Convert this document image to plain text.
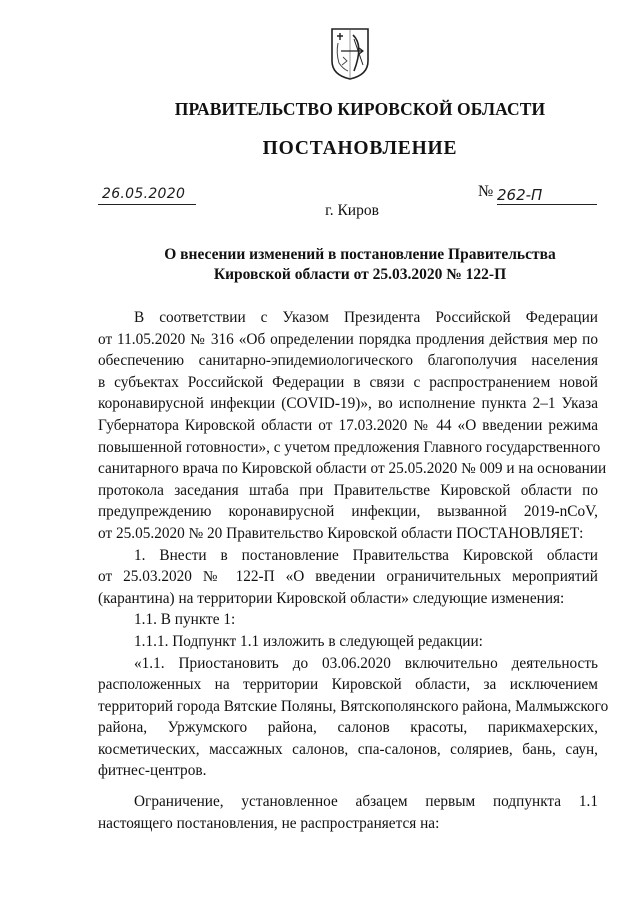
ПРАВИТЕЛЬСТВО КИРОВСКОЙ ОБЛАСТИ
ПОСТАНОВЛЕНИЕ
26.05.2020	№ 262-П
г. Киров
О внесении изменений в постановление Правительства
Кировской области от 25.03.2020 № 122-П

В соответствии с Указом Президента Российской Федерации
от 11.05.2020 № 316 «Об определении порядка продления действия мер по
обеспечению санитарно-эпидемиологического благополучия населения
в субъектах Российской Федерации в связи с распространением новой
коронавирусной инфекции (COVID-19)», во исполнение пункта 2–1 Указа
Губернатора Кировской области от 17.03.2020 № 44 «О введении режима
повышенной готовности», с учетом предложения Главного государственного
санитарного врача по Кировской области от 25.05.2020 № 009 и на основании
протокола заседания штаба при Правительстве Кировской области по
предупреждению коронавирусной инфекции, вызванной 2019-nCoV,
от 25.05.2020 № 20 Правительство Кировской области ПОСТАНОВЛЯЕТ:

1. Внести в постановление Правительства Кировской области
от 25.03.2020 № 122-П «О введении ограничительных мероприятий
(карантина) на территории Кировской области» следующие изменения:

1.1. В пункте 1:

1.1.1. Подпункт 1.1 изложить в следующей редакции:

«1.1. Приостановить до 03.06.2020 включительно деятельность
расположенных на территории Кировской области, за исключением
территорий города Вятские Поляны, Вятскополянского района, Малмыжского
района, Уржумского района, салонов красоты, парикмахерских,
косметических, массажных салонов, спа-салонов, соляриев, бань, саун,
фитнес-центров.

Ограничение, установленное абзацем первым подпункта 1.1
настоящего постановления, не распространяется на:
